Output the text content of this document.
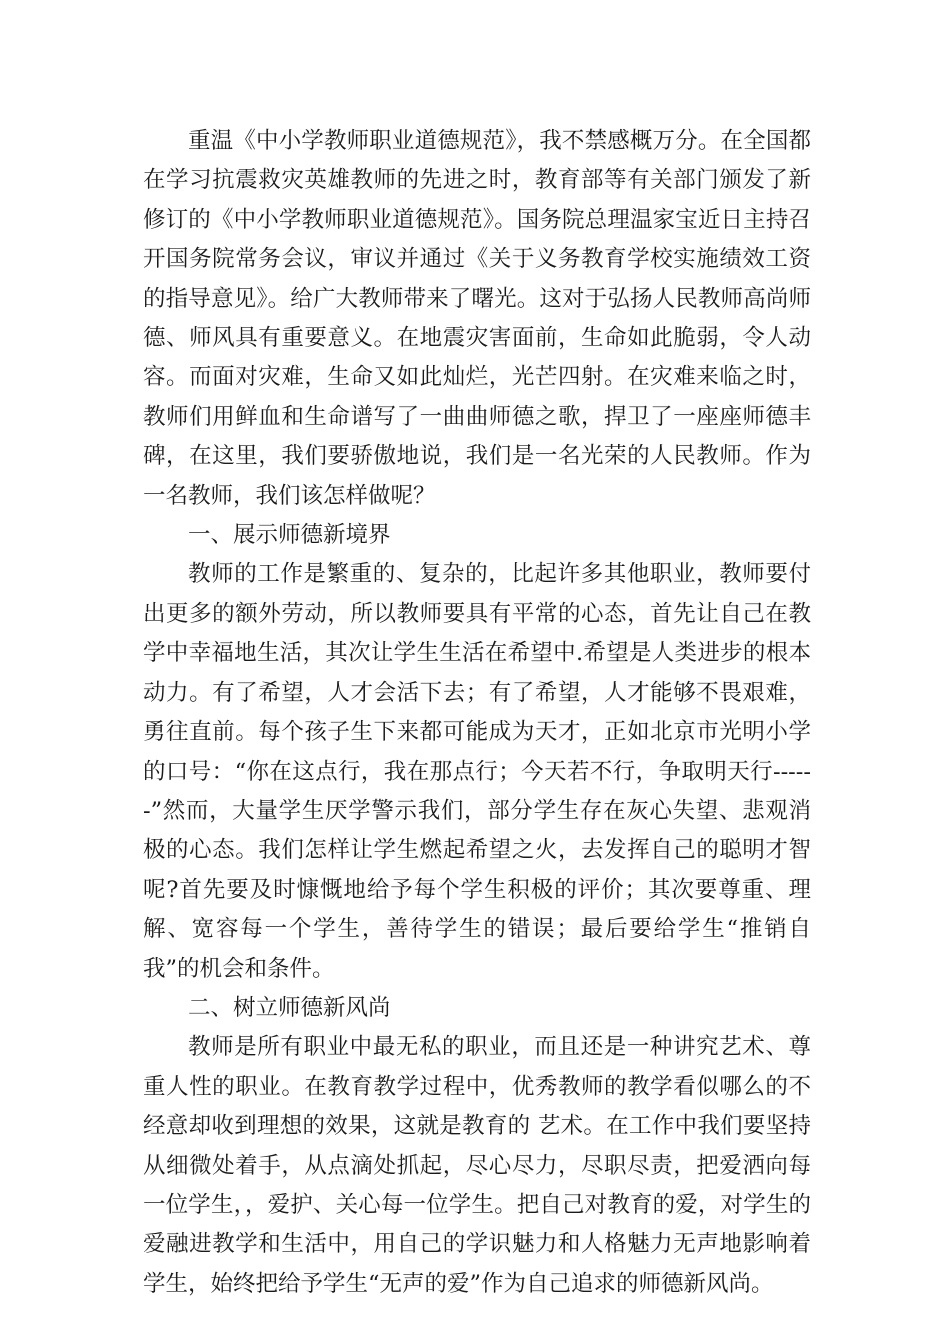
重温《中小学教师职业道德规范》，我不禁感概万分。在全国都在学习抗震救灾英雄教师的先进之时，教育部等有关部门颁发了新修订的《中小学教师职业道德规范》。国务院总理温家宝近日主持召开国务院常务会议，审议并通过《关于义务教育学校实施绩效工资的指导意见》。给广大教师带来了曙光。这对于弘扬人民教师高尚师德、师风具有重要意义。在地震灾害面前，生命如此脆弱，令人动容。而面对灾难，生命又如此灿烂，光芒四射。在灾难来临之时，教师们用鲜血和生命谱写了一曲曲师德之歌，捍卫了一座座师德丰碑，在这里，我们要骄傲地说，我们是一名光荣的人民教师。作为一名教师，我们该怎样做呢？

一、展示师德新境界

教师的工作是繁重的、复杂的，比起许多其他职业，教师要付出更多的额外劳动，所以教师要具有平常的心态，首先让自己在教学中幸福地生活，其次让学生生活在希望中.希望是人类进步的根本动力。有了希望，人才会活下去；有了希望，人才能够不畏艰难，勇往直前。每个孩子生下来都可能成为天才，正如北京市光明小学的口号：“你在这点行，我在那点行；今天若不行，争取明天行------”然而，大量学生厌学警示我们，部分学生存在灰心失望、悲观消极的心态。我们怎样让学生燃起希望之火，去发挥自己的聪明才智呢?首先要及时慷慨地给予每个学生积极的评价；其次要尊重、理解、宽容每一个学生，善待学生的错误；最后要给学生“推销自我”的机会和条件。

二、树立师德新风尚

教师是所有职业中最无私的职业，而且还是一种讲究艺术、尊重人性的职业。在教育教学过程中，优秀教师的教学看似哪么的不经意却收到理想的效果，这就是教育的 艺术。在工作中我们要坚持从细微处着手，从点滴处抓起，尽心尽力，尽职尽责，把爱洒向每一位学生，，爱护、关心每一位学生。把自己对教育的爱，对学生的爱融进教学和生活中，用自己的学识魅力和人格魅力无声地影响着学生，始终把给予学生“无声的爱”作为自己追求的师德新风尚。
